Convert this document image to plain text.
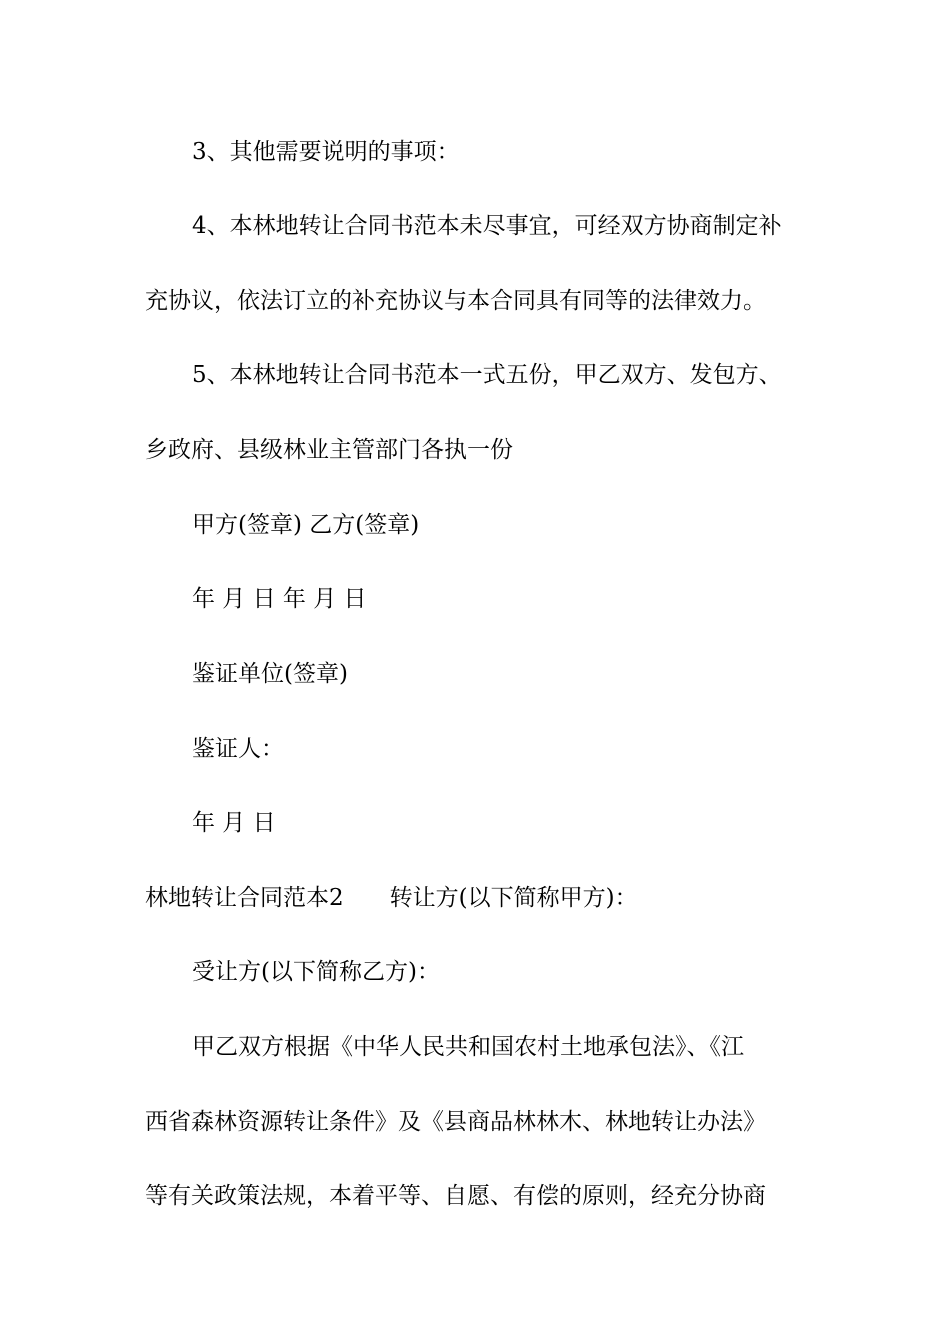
3、其他需要说明的事项：
4、本林地转让合同书范本未尽事宜，可经双方协商制定补
充协议，依法订立的补充协议与本合同具有同等的法律效力。
5、本林地转让合同书范本一式五份，甲乙双方、发包方、
乡政府、县级林业主管部门各执一份
甲方(签章) 乙方(签章)
年 月 日 年 月 日
鉴证单位(签章)
鉴证人：
年 月 日
林地转让合同范本2 转让方(以下简称甲方)：
受让方(以下简称乙方)：
甲乙双方根据《中华人民共和国农村土地承包法》、《江
西省森林资源转让条件》及《县商品林林木、林地转让办法》
等有关政策法规，本着平等、自愿、有偿的原则，经充分协商
